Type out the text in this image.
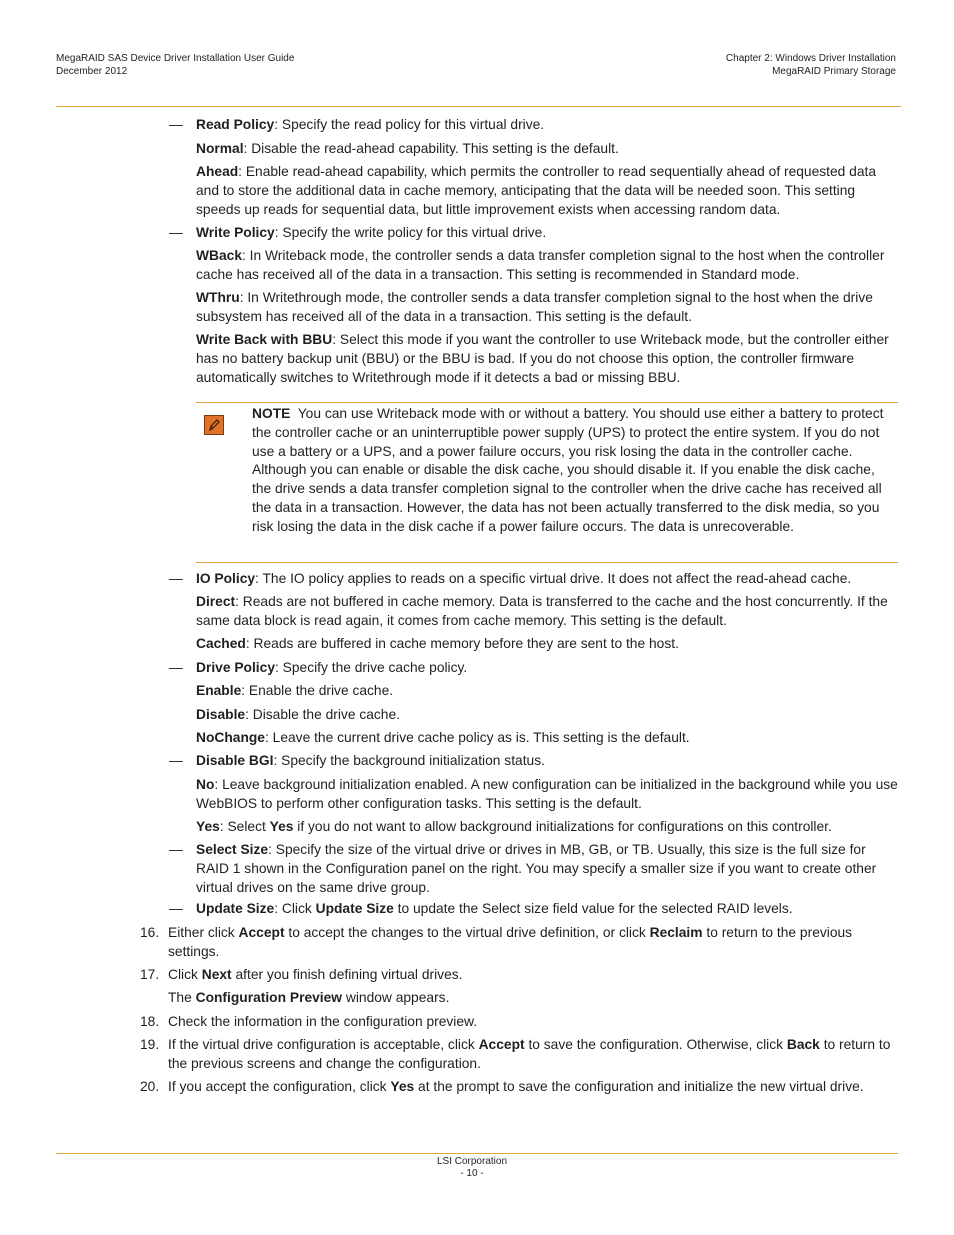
MegaRAID SAS Device Driver Installation User Guide
December 2012
Chapter 2: Windows Driver Installation
MegaRAID Primary Storage
— Read Policy: Specify the read policy for this virtual drive.
Normal: Disable the read-ahead capability. This setting is the default.
Ahead: Enable read-ahead capability, which permits the controller to read sequentially ahead of requested data and to store the additional data in cache memory, anticipating that the data will be needed soon. This setting speeds up reads for sequential data, but little improvement exists when accessing random data.
— Write Policy: Specify the write policy for this virtual drive.
WBack: In Writeback mode, the controller sends a data transfer completion signal to the host when the controller cache has received all of the data in a transaction. This setting is recommended in Standard mode.
WThru: In Writethrough mode, the controller sends a data transfer completion signal to the host when the drive subsystem has received all of the data in a transaction. This setting is the default.
Write Back with BBU: Select this mode if you want the controller to use Writeback mode, but the controller either has no battery backup unit (BBU) or the BBU is bad. If you do not choose this option, the controller firmware automatically switches to Writethrough mode if it detects a bad or missing BBU.
NOTE  You can use Writeback mode with or without a battery. You should use either a battery to protect the controller cache or an uninterruptible power supply (UPS) to protect the entire system. If you do not use a battery or a UPS, and a power failure occurs, you risk losing the data in the controller cache. Although you can enable or disable the disk cache, you should disable it. If you enable the disk cache, the drive sends a data transfer completion signal to the controller when the drive cache has received all the data in a transaction. However, the data has not been actually transferred to the disk media, so you risk losing the data in the disk cache if a power failure occurs. The data is unrecoverable.
— IO Policy: The IO policy applies to reads on a specific virtual drive. It does not affect the read-ahead cache.
Direct: Reads are not buffered in cache memory. Data is transferred to the cache and the host concurrently. If the same data block is read again, it comes from cache memory. This setting is the default.
Cached: Reads are buffered in cache memory before they are sent to the host.
— Drive Policy: Specify the drive cache policy.
Enable: Enable the drive cache.
Disable: Disable the drive cache.
NoChange: Leave the current drive cache policy as is. This setting is the default.
— Disable BGI: Specify the background initialization status.
No: Leave background initialization enabled. A new configuration can be initialized in the background while you use WebBIOS to perform other configuration tasks. This setting is the default.
Yes: Select Yes if you do not want to allow background initializations for configurations on this controller.
— Select Size: Specify the size of the virtual drive or drives in MB, GB, or TB. Usually, this size is the full size for RAID 1 shown in the Configuration panel on the right. You may specify a smaller size if you want to create other virtual drives on the same drive group.
— Update Size: Click Update Size to update the Select size field value for the selected RAID levels.
16. Either click Accept to accept the changes to the virtual drive definition, or click Reclaim to return to the previous settings.
17. Click Next after you finish defining virtual drives.
The Configuration Preview window appears.
18. Check the information in the configuration preview.
19. If the virtual drive configuration is acceptable, click Accept to save the configuration. Otherwise, click Back to return to the previous screens and change the configuration.
20. If you accept the configuration, click Yes at the prompt to save the configuration and initialize the new virtual drive.
LSI Corporation
- 10 -
